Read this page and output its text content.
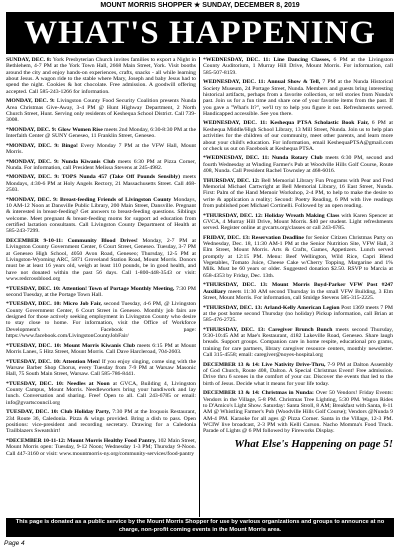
MOUNT MORRIS SHOPPER ★ SUNDAY, DECEMBER 8, 2019
WHAT'S HAPPENING

SUNDAY, DEC. 8: York Presbyterian Church invites families to export a Night in Bethlehem, 4-7 PM at the York Town Hall, 2668 Main Street, York. Visit booths around the city and enjoy hands-on experiences, crafts, snacks - all while learning about Jesus. A wagon ride to the stable where Mary, Joseph and baby Jesus had to spend the night. Cookies & hot chocolate. Free admission. A goodwill offering accepted. Call 585-243-1266 for information.

MONDAY, DEC. 9: Livingston County Food Security Coalition presents Nunda Area Christmas Give-Away, 3-4 PM @ Hunt Highway Department, 2 North Church Street, Hunt. Serving only residents of Keshequa School District. Call 739-3008.

*MONDAY, DEC. 9: Glow Women Rise meets 2nd Monday, 6:30-8:30 PM at the Interfaith Center @ SUNY Geneseo, 11 Franklin Street, Geneseo.

*MONDAY, DEC. 9: Bingo! Every Monday 7 PM at the VFW Hall, Mount Morris.

*MONDAY, DEC. 9: Nunda Kiwanis Club meets 6:30 PM at Pizza Corner, Nunda. For information, call President Melissa Stevens at 245-4982.

*MONDAY, DEC. 9: TOPS Nunda 457 (Take Off Pounds Sensibly) meets Mondays, 4:30-6 PM at Holy Angels Rectory, 21 Massachusetts Street. Call 468-2503.

*MONDAY, DEC. 9: Breast-feeding Friends of Livingston County Mondays, 10 AM-12 Noon at Dansville Public Library, 200 Main Street, Dansville. Pregnant & interested in breast-feeding? Get answers to breast-feeding questions. Siblings welcome. Meet pregnant & breast-feeding moms for support ad education from certified lactation consultants. Call Livingston County Department of Health at 585-243-7299.

DECEMBER 9-10-11: Community Blood Drives! Monday, 2-7 PM at Livingston County Government Center, 6 Court Street, Geneseo. Tuesday, 3-7 PM at Geneseo High School, 4050 Avon Road, Geneseo; Thursday, 12-5 PM at Livingston-Wyoming ARC, 5871 Groveland Station Road, Mount Morris. Donors must be at least 16 years old, weigh at least 110 pounds, be in good health, and have not donated within the past 56 days. Call 1-800-448-3543 or visit: www.redcrossblood.org

*TUESDAY, DEC. 10: Attention! Town of Portage Monthly Meeting, 7:30 PM second Tuesday, at the Portage Town Hall.

*TUESDAY, DEC. 10: Micro Job Fair, second Tuesday, 4-6 PM, @ Livingston County Government Center, 6 Court Street in Geneseo. Monthly job fairs are designed for those actively seeking employment in Livingston County who desire to stay close to home. For information, visit the Office of Workforce Development's Facebook page: https://www.facebook.com/LivingstonCountyJobFair/

*TUESDAY, DEC. 10: Mount Morris Kiwanis Club meets 6:15 PM at Mount Morris Lanes, 5 Hitz Street, Mount Morris. Call Dave Harcleroad, 704-2603.

*TUESDAY, DEC. 10: Attention Men! If you enjoy singing, come sing with the Warsaw Barber Shop Chorus, every Tuesday from 7-9 PM at Warsaw Masonic Hall, 75 South Main Street, Warsaw. Call 585-786-8441.

*TUESDAY, DEC. 10: Needles at Noon at GVCA, Building 4, Livingston County Campus, Mount Morris. Needleworkers bring your handiwork and lay lunch. Conversation and sharing. Free! Open to all. Call 243-6785 or email: info@gvartscouncil.org

TUESDAY, DEC. 10: Club Holiday Party, 7:30 PM at the Iroquois Restaurant, 234 Route 36, Caledonia. Pizza & wings provided. Bring a dish to pass. Open positions: vice-president and recording secretary. Drawing for a Caledonia Trailblazers Sweatshirt!

*DECEMBER 10-11-12: Mount Morris Healthy Food Pantry, 102 Main Street, Mount Morris open: Tuesday, 9-12 Noon; Wednesday 1-3 PM; Thursday 9-Noon. Call 447-3160 or visit: www.mountmorris-ny.org/community-services/food-pantry

*WEDNESDAY, DEC. 11: Line Dancing Classes, 6 PM at the Livingston County Auditorium, 1 Murray Hill Drive, Mount Morris. For information, call 585-507-8159.

WEDNESDAY, DEC. 11: Annual Show & Tell, 7 PM at the Nunda Historical Society Museum, 24 Portage Street, Nunda. Members and guests bring interesting historical artifacts, perhaps from a favorite collection, or tell stories from Nunda's past. Join us for a fun time and share one of your favorite items from the past. If you gave a "What's It?", we'll try to help you figure it out. Refreshments served. Handicapped accessible. See you there.

WEDNESDAY, DEC. 11: Keshequa PTSA Scholastic Book Fair, 6 PM at Keshequa Middle/High School Library, 13 Mill Street, Nunda. Join us to help plan activities for the children of our community, meet other parents, and learn more about your child's education. For information, email KeshequaPTSA@gmail.com or check us out on Facebook at Keshequa PTSA.

*WEDNESDAY, DEC. 11: Nunda Rotary Club meets 6:30 PM, second and fourth Wednesday at Winding Farmer's Pub at Woodville Hills Golf Course, Route 408, Nunda. Call President Rachel Townsley at 468-6016.

THURSDAY, DEC. 12: Bell Memorial Library Fun Programs with Pear and Fred Memorial Michael Cartwright at Bell Memorial Library, 16 East Street, Nunda. First: Palm of the Hand Memoir Workshop, 2-4 PM, to help to make the desire to write & application a reality; Second: Poetry Reading, 6 PM with live readings from published poet Michael Cortinelli. Followed by an open reading.

*THURSDAY, DEC. 12: Holiday Wreath Making Class with Karen Spencer at GVCA, 4 Murray Hill Drive, Mount Morris. $40 per student. Light refreshments served. Register online at gvcarts.org/classes or call 243-6785.

FRIDAY, DEC. 13: Reservation Deadline for Senior Citizen Christmas Party on Wednesday, Dec. 18, 11:30 AM-1 PM at the Senior Nutrition Site, VFW Hall, 3 Elm Street, Mount Morris. Arts & Crafts, Games, Appetizers. Lunch served promptly at 12:15 PM. Menu: Beef Wellington, Wild Rice, Capri Blend Vegetables, Tomato Juice, Cheese Cake w/Cherry Topping, Margarine and 1% Milk. Must be 60 years or older. Suggested donation $2.50. RSVP to Marcia at 658-4353 by Friday, Dec. 13th.

*THURSDAY, DEC. 13: Mount Morris Boyd-Parker VFW Post #247 Auxiliary meets 11:30 AM second Thursday in the small VFW Building, 3 Elm Street, Mount Morris. For information, call Smidge Stevens 585-315-2225.

*THURSDAY, DEC. 13: Arland-Kelly American Legion Post 1369 meets 7 PM at the post home second Thursday (no holiday) Pickup information, call Brian at 585-476-2725.

*THURSDAY, DEC. 13: Caregiver Brunch Bunch meets second Thursday, 9:30-10:45 AM at Mae's Restaurant, 4182 Lakeville Road, Geneseo. Share laugh breads. Support groups. Companion care in home respite, educational pro grams, training for care partners, library caregiver resource centers, monthly newsletter. Call 315-4558; email: caregiver@noyes-hospital.org

DECEMBER 13 & 14: Live Nativity Drive-Thru, 7-9 PM at Dalton Assembly of God Church, Route 408, Dalton. A Special Christmas Event! Free admission. Drive thru 6 scenes in the comfort of your car. Discover the events that led to the birth of Jesus. Decide what it means for your life today.

DECEMBER 13 & 14: Christmas in Nunda: Over 50 Vendors! Friday Events: Vendors in the Village, 5-8 PM. Christmas Tree Lighting, 5:30 PM. Wagon Rides to D'Amico's Light Show. Saturday: Santa Stroll, 8 AM; Breakfast with Santa, 8-11 AM @ Whistling Farmer's Pub (Woodville Hills Golf Course); Vendors @Nunda 9 AM-4 PM. Karaoke for all ages @ Pizza Corner. Santa in the Village, 12-3 PM. WCIW live broadcast, 2-3 PM with Kelli Carson. Nacho Momma's Food Truck. Parade of Lights @ 6 PM followed by Fireworks Display.

What Else's Happening on page 5!
This page is donated as a public service by the Mount Morris Shopper for use by various organizations and groups to announce at no charge, non-profit coming events in the Mount Morris area.
Page 4
